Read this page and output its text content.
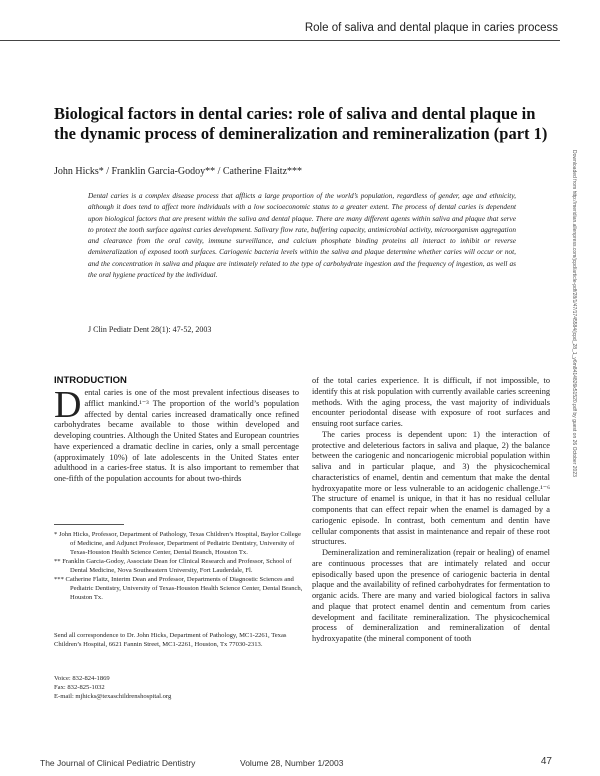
Role of saliva and dental plaque in caries process
Biological factors in dental caries: role of saliva and dental plaque in the dynamic process of demineralization and remineralization (part 1)
John Hicks* / Franklin Garcia-Godoy** / Catherine Flaitz***

Dental caries is a complex disease process that afflicts a large proportion of the world’s population, regardless of gender, age and ethnicity, although it does tend to affect more individuals with a low socioeconomic status to a greater extent. The process of dental caries is dependent upon biological factors that are present within the saliva and dental plaque. There are many different agents within saliva and plaque that serve to protect the tooth surface against caries development. Salivary flow rate, buffering capacity, antimicrobial activity, microorganism aggregation and clearance from the oral cavity, immune surveillance, and calcium phosphate binding proteins all interact to inhibit or reverse demineralization of exposed tooth surfaces. Cariogenic bacteria levels within the saliva and plaque determine whether caries will occur or not, and the concentration in saliva and plaque are intimately related to the type of carbohydrate ingestion and the frequency of ingestion, as well as the oral hygiene practiced by the individual.

J Clin Pediatr Dent 28(1): 47-52, 2003	Downloaded from http://meridian.allenpress.com/jcpd/article-pdf/28/1/47/1745584/jcpd_28_1_y6m8414826k51520.pdf by guest on 26 October 2023
INTRODUCTION
D ental caries is one of the most prevalent infectious diseases to afflict mankind.¹⁻³ The proportion of the world’s population affected by dental caries increased dramatically once refined carbohydrates became available to those within developed and developing countries. Although the United States and European countries have experienced a dramatic decline in caries, only a small percentage (approximately 10%) of late adolescents in the United States enter adulthood in a caries-free status. It is also important to remember that one-fifth of the population accounts for about two-thirds

of the total caries experience. It is difficult, if not impossible, to identify this at risk population with currently available caries screening methods. With the aging process, the vast majority of individuals encounter periodontal disease with exposure of root surfaces and ensuing root surface caries.

The caries process is dependent upon: 1) the interaction of protective and deleterious factors in saliva and plaque, 2) the balance between the cariogenic and noncariogenic microbial population within saliva and in particular plaque, and 3) the physicochemical characteristics of enamel, dentin and cementum that make the dental hydroxyapatite more or less vulnerable to an acidogenic challenge.¹⁻⁶ The structure of enamel is unique, in that it has no residual cellular components that can effect repair when the enamel is damaged by a cariogenic episode. In contrast, both cementum and dentin have cellular components that assist in maintenance and repair of these root structures.

Demineralization and remineralization (repair or healing) of enamel are continuous processes that are intimately related and occur episodically based upon the presence of cariogenic bacteria in dental plaque and the availability of refined carbohydrates for fermentation to organic acids. There are many and varied biological factors in saliva and plaque that protect enamel dentin and cementum from caries development and facilitate remineralization. The physicochemical process of demineralization and remineralization of dental hydroxyapatite (the mineral component of tooth

* John Hicks, Professor, Department of Pathology, Texas Children’s Hospital, Baylor College of Medicine, and Adjunct Professor, Department of Pediatric Dentistry, University of Texas-Houston Health Science Center, Dental Branch, Houston Tx.
** Franklin Garcia-Godoy, Associate Dean for Clinical Research and Professor, School of Dental Medicine, Nova Southeastern University, Fort Lauderdale, Fl.
*** Catherine Flaitz, Interim Dean and Professor, Departments of Diagnostic Sciences and Pediatric Dentistry, University of Texas-Houston Health Science Center, Dental Branch, Houston Tx.

Send all correspondence to Dr. John Hicks, Department of Pathology, MC1-2261, Texas Children’s Hospital, 6621 Fannin Street, MC1-2261, Houston, Tx 77030-2313.

Voice: 832-824-1869
Fax: 832-825-1032
E-mail: mjhicks@texaschildrenshospital.org
The Journal of Clinical Pediatric Dentistry	Volume 28, Number 1/2003	47
